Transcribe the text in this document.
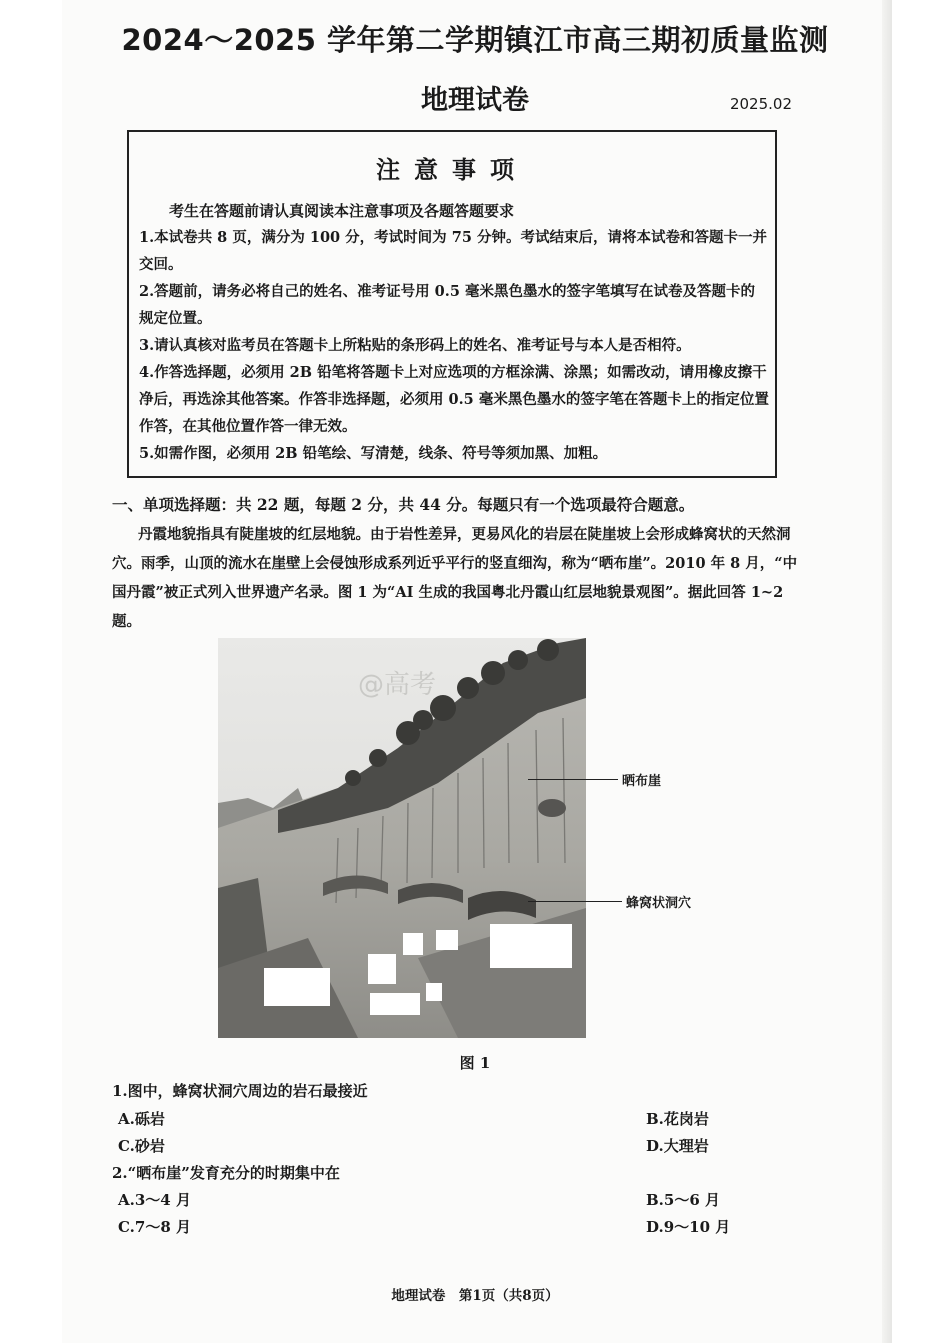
2024～2025 学年第二学期镇江市高三期初质量监测
地理试卷	2025.02
注意事项
考生在答题前请认真阅读本注意事项及各题答题要求
1.本试卷共 8 页，满分为 100 分，考试时间为 75 分钟。考试结束后，请将本试卷和答题卡一并交回。
2.答题前，请务必将自己的姓名、准考证号用 0.5 毫米黑色墨水的签字笔填写在试卷及答题卡的规定位置。
3.请认真核对监考员在答题卡上所粘贴的条形码上的姓名、准考证号与本人是否相符。
4.作答选择题，必须用 2B 铅笔将答题卡上对应选项的方框涂满、涂黑；如需改动，请用橡皮擦干净后，再选涂其他答案。作答非选择题，必须用 0.5 毫米黑色墨水的签字笔在答题卡上的指定位置作答，在其他位置作答一律无效。
5.如需作图，必须用 2B 铅笔绘、写清楚，线条、符号等须加黑、加粗。
一、单项选择题：共 22 题，每题 2 分，共 44 分。每题只有一个选项最符合题意。

丹霞地貌指具有陡崖坡的红层地貌。由于岩性差异，更易风化的岩层在陡崖坡上会形成蜂窝状的天然洞穴。雨季，山顶的流水在崖壁上会侵蚀形成系列近乎平行的竖直细沟，称为“晒布崖”。2010 年 8 月，“中国丹霞”被正式列入世界遗产名录。图 1 为“AI 生成的我国粤北丹霞山红层地貌景观图”。据此回答 1~2 题。

@高考
晒布崖
蜂窝状洞穴
图 1
1.图中，蜂窝状洞穴周边的岩石最接近
A.砾岩	B.花岗岩
C.砂岩	D.大理岩
2.“晒布崖”发育充分的时期集中在
A.3～4 月	B.5～6 月
C.7～8 月	D.9～10 月
地理试卷　第1页（共8页）
